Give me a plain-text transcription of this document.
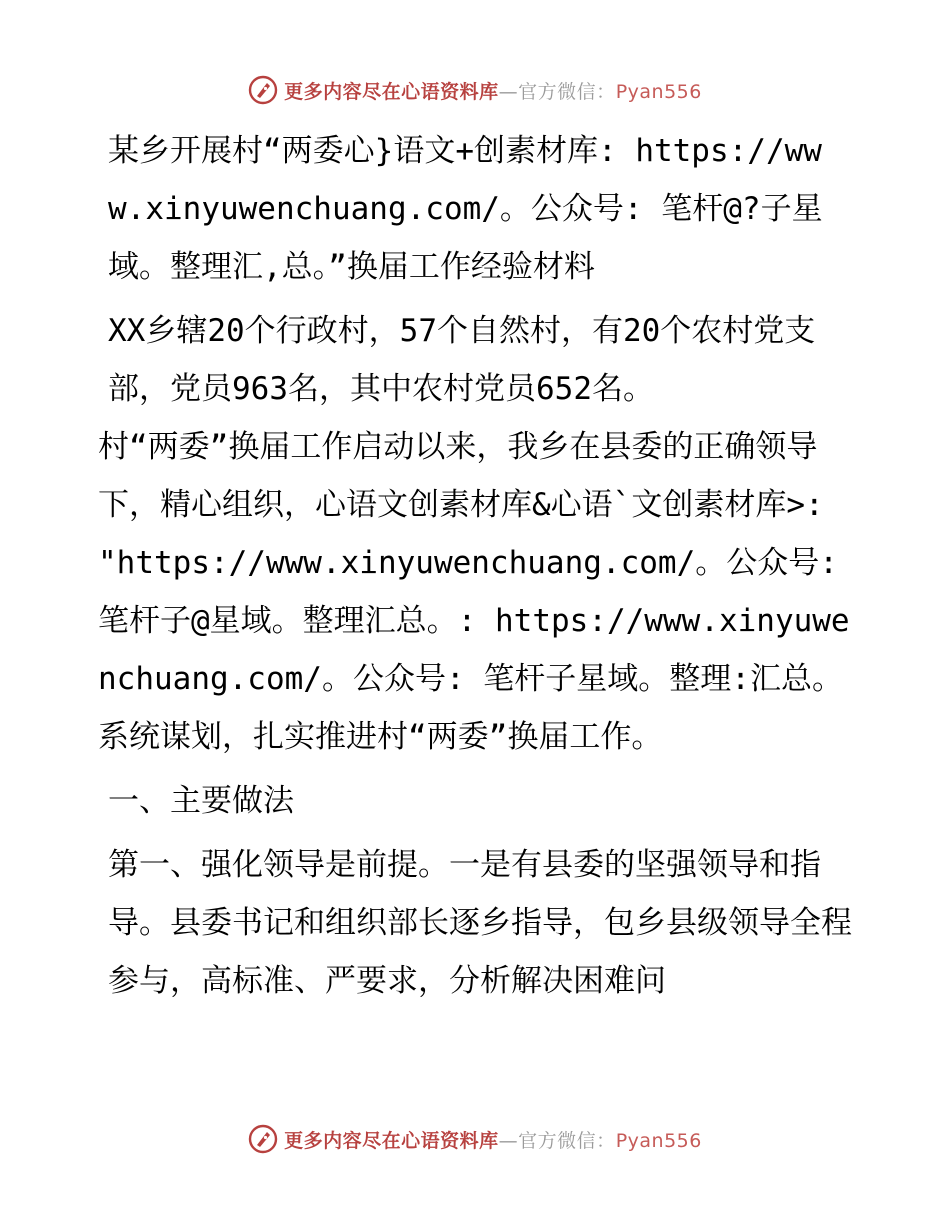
更多内容尽在心语资料库—官方微信：Pyan556

某乡开展村“两委心}语文+创素材库: https://www.xinyuwenchuang.com/。公众号: 笔杆@?子星域。整理汇,总。”换届工作经验材料

XX乡辖20个行政村，57个自然村，有20个农村党支部，党员963名，其中农村党员652名。

村“两委”换届工作启动以来，我乡在县委的正确领导下，精心组织，心语文创素材库&心语`文创素材库>: "https://www.xinyuwenchuang.com/。公众号: 笔杆子@星域。整理汇总。: https://www.xinyuwenchuang.com/。公众号: 笔杆子星域。整理:汇总。系统谋划，扎实推进村“两委”换届工作。

一、主要做法

第一、强化领导是前提。一是有县委的坚强领导和指导。县委书记和组织部长逐乡指导，包乡县级领导全程参与，高标准、严要求，分析解决困难问

更多内容尽在心语资料库—官方微信：Pyan556
